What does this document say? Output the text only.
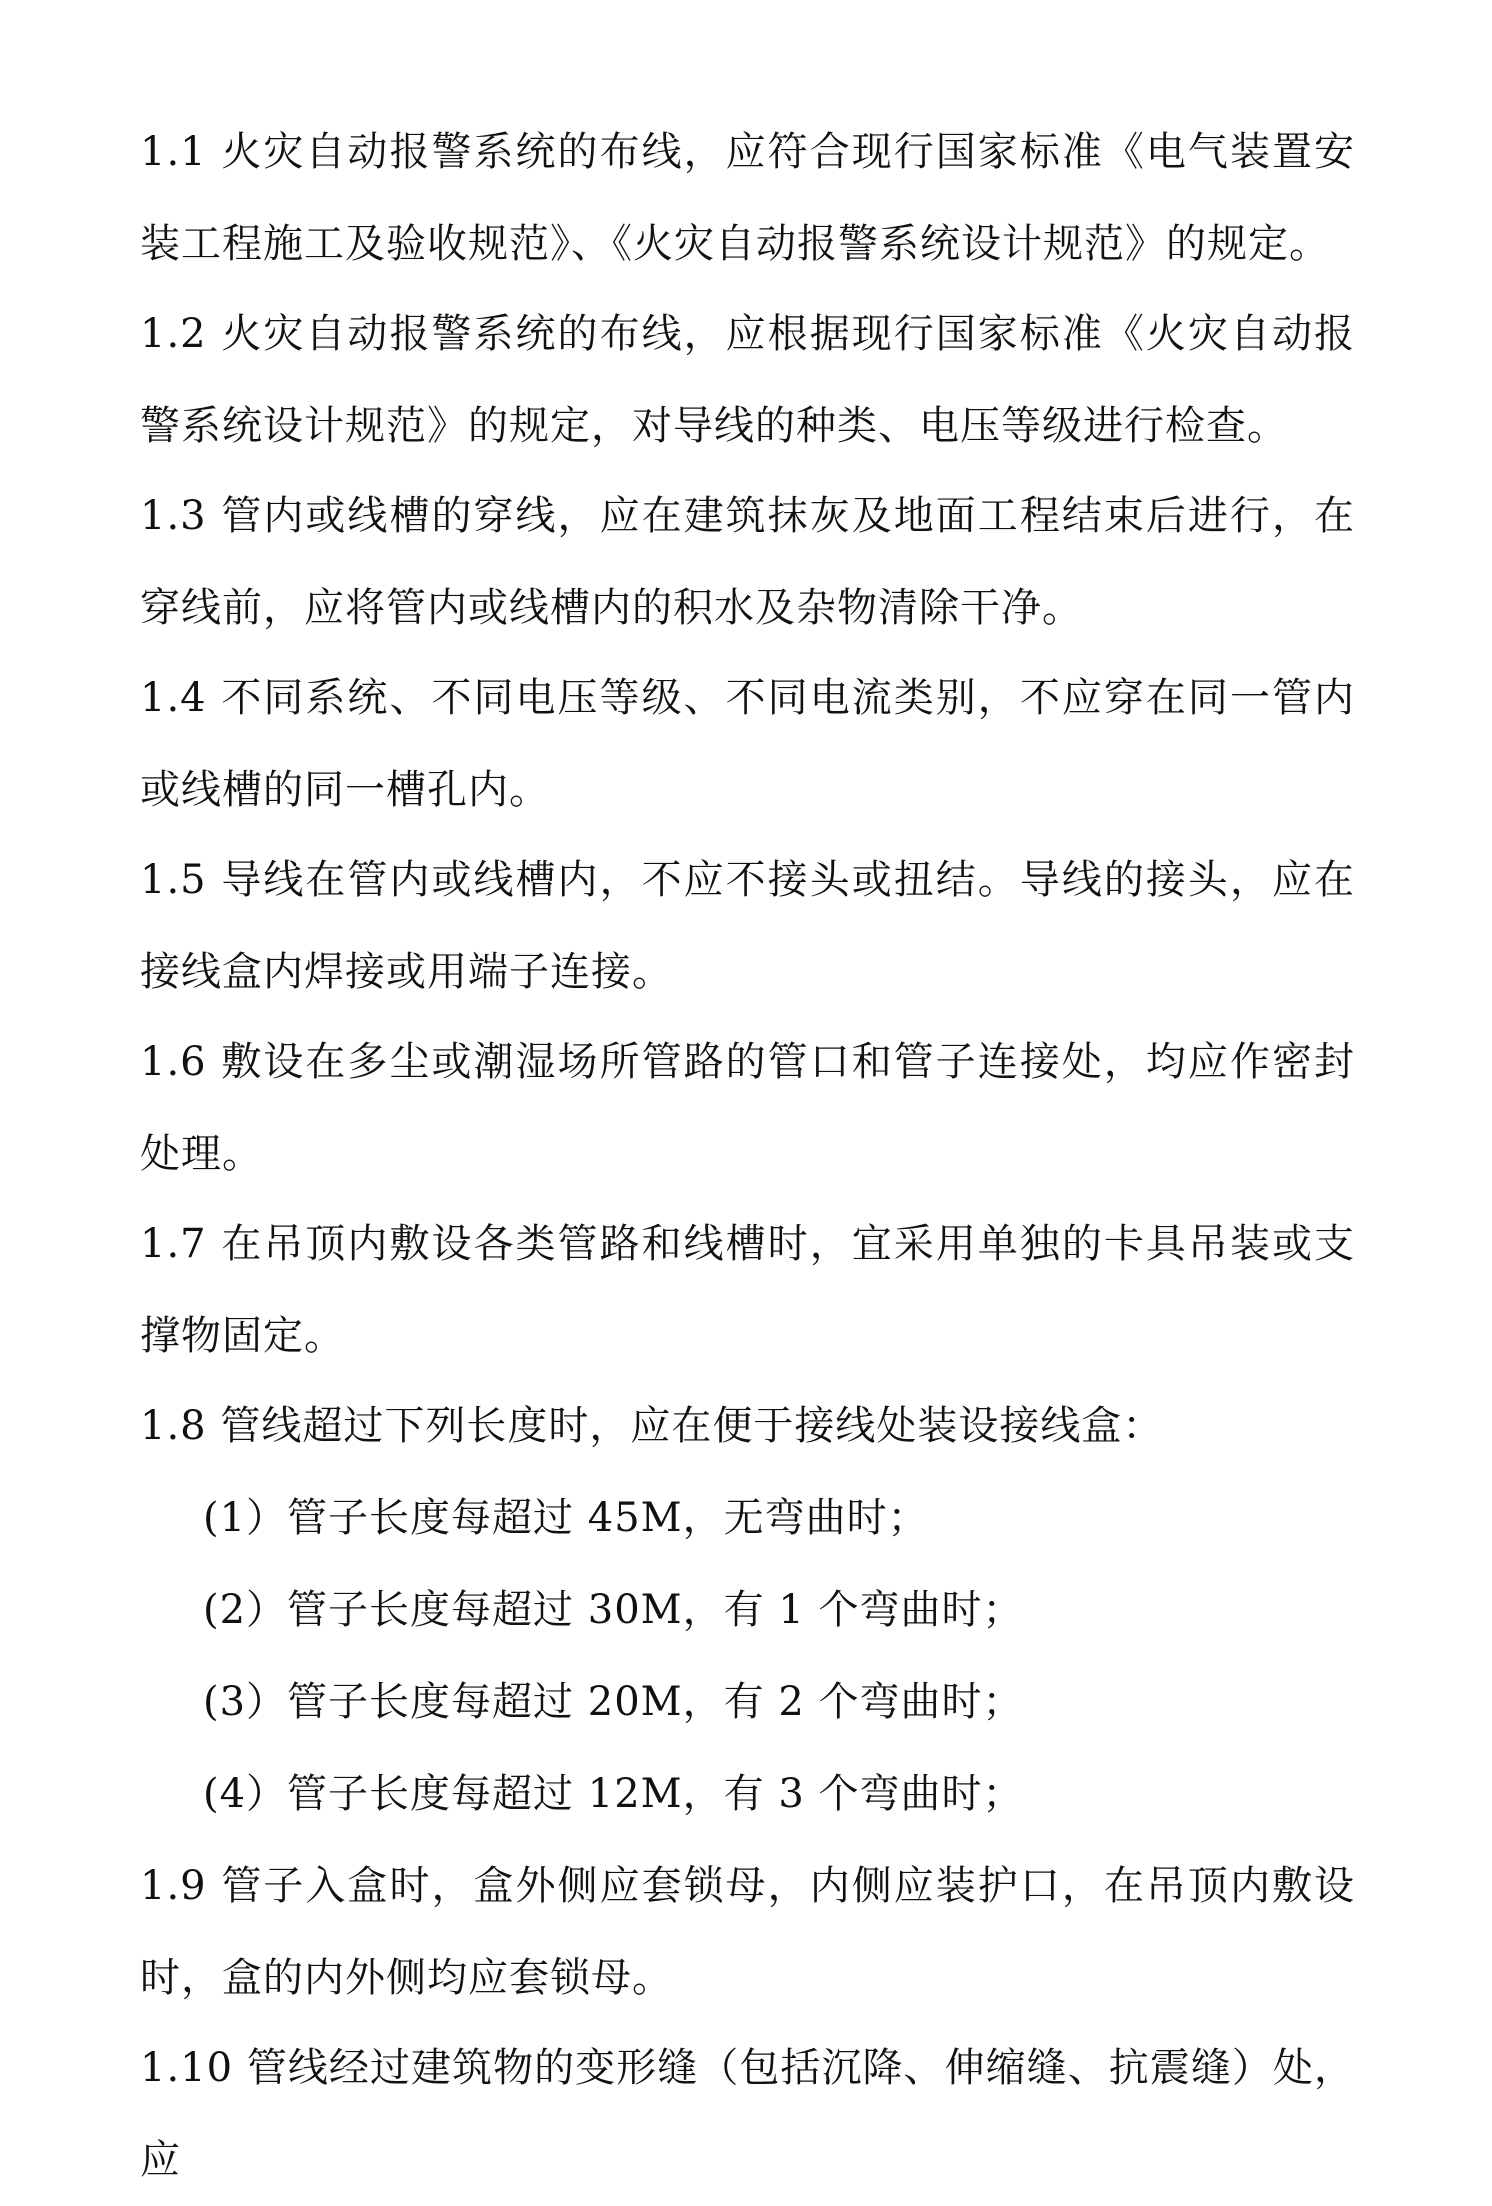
1.1 火灾自动报警系统的布线，应符合现行国家标准《电气装置安装工程施工及验收规范》、《火灾自动报警系统设计规范》的规定。

1.2 火灾自动报警系统的布线，应根据现行国家标准《火灾自动报警系统设计规范》的规定，对导线的种类、电压等级进行检查。

1.3 管内或线槽的穿线，应在建筑抹灰及地面工程结束后进行，在穿线前，应将管内或线槽内的积水及杂物清除干净。

1.4 不同系统、不同电压等级、不同电流类别，不应穿在同一管内或线槽的同一槽孔内。

1.5 导线在管内或线槽内，不应不接头或扭结。导线的接头，应在接线盒内焊接或用端子连接。

1.6 敷设在多尘或潮湿场所管路的管口和管子连接处，均应作密封处理。

1.7 在吊顶内敷设各类管路和线槽时，宜采用单独的卡具吊装或支撑物固定。

1.8 管线超过下列长度时，应在便于接线处装设接线盒：

(1）管子长度每超过 45M，无弯曲时；

(2）管子长度每超过 30M，有 1 个弯曲时；

(3）管子长度每超过 20M，有 2 个弯曲时；

(4）管子长度每超过 12M，有 3 个弯曲时；

1.9 管子入盒时，盒外侧应套锁母，内侧应装护口，在吊顶内敷设时，盒的内外侧均应套锁母。

1.10 管线经过建筑物的变形缝（包括沉降、伸缩缝、抗震缝）处，应
